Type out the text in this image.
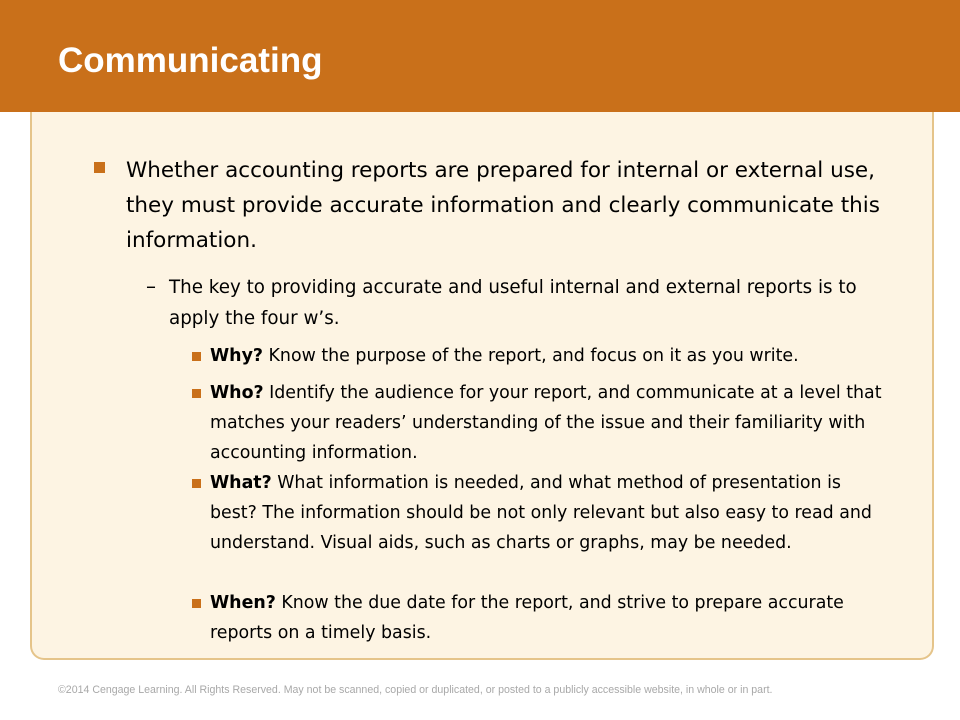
Communicating
Whether accounting reports are prepared for internal or external use, they must provide accurate information and clearly communicate this information.
– The key to providing accurate and useful internal and external reports is to apply the four w’s.
Why? Know the purpose of the report, and focus on it as you write.
Who? Identify the audience for your report, and communicate at a level that matches your readers’ understanding of the issue and their familiarity with accounting information.
What? What information is needed, and what method of presentation is best? The information should be not only relevant but also easy to read and understand. Visual aids, such as charts or graphs, may be needed.
When? Know the due date for the report, and strive to prepare accurate reports on a timely basis.
©2014 Cengage Learning. All Rights Reserved. May not be scanned, copied or duplicated, or posted to a publicly accessible website, in whole or in part.
